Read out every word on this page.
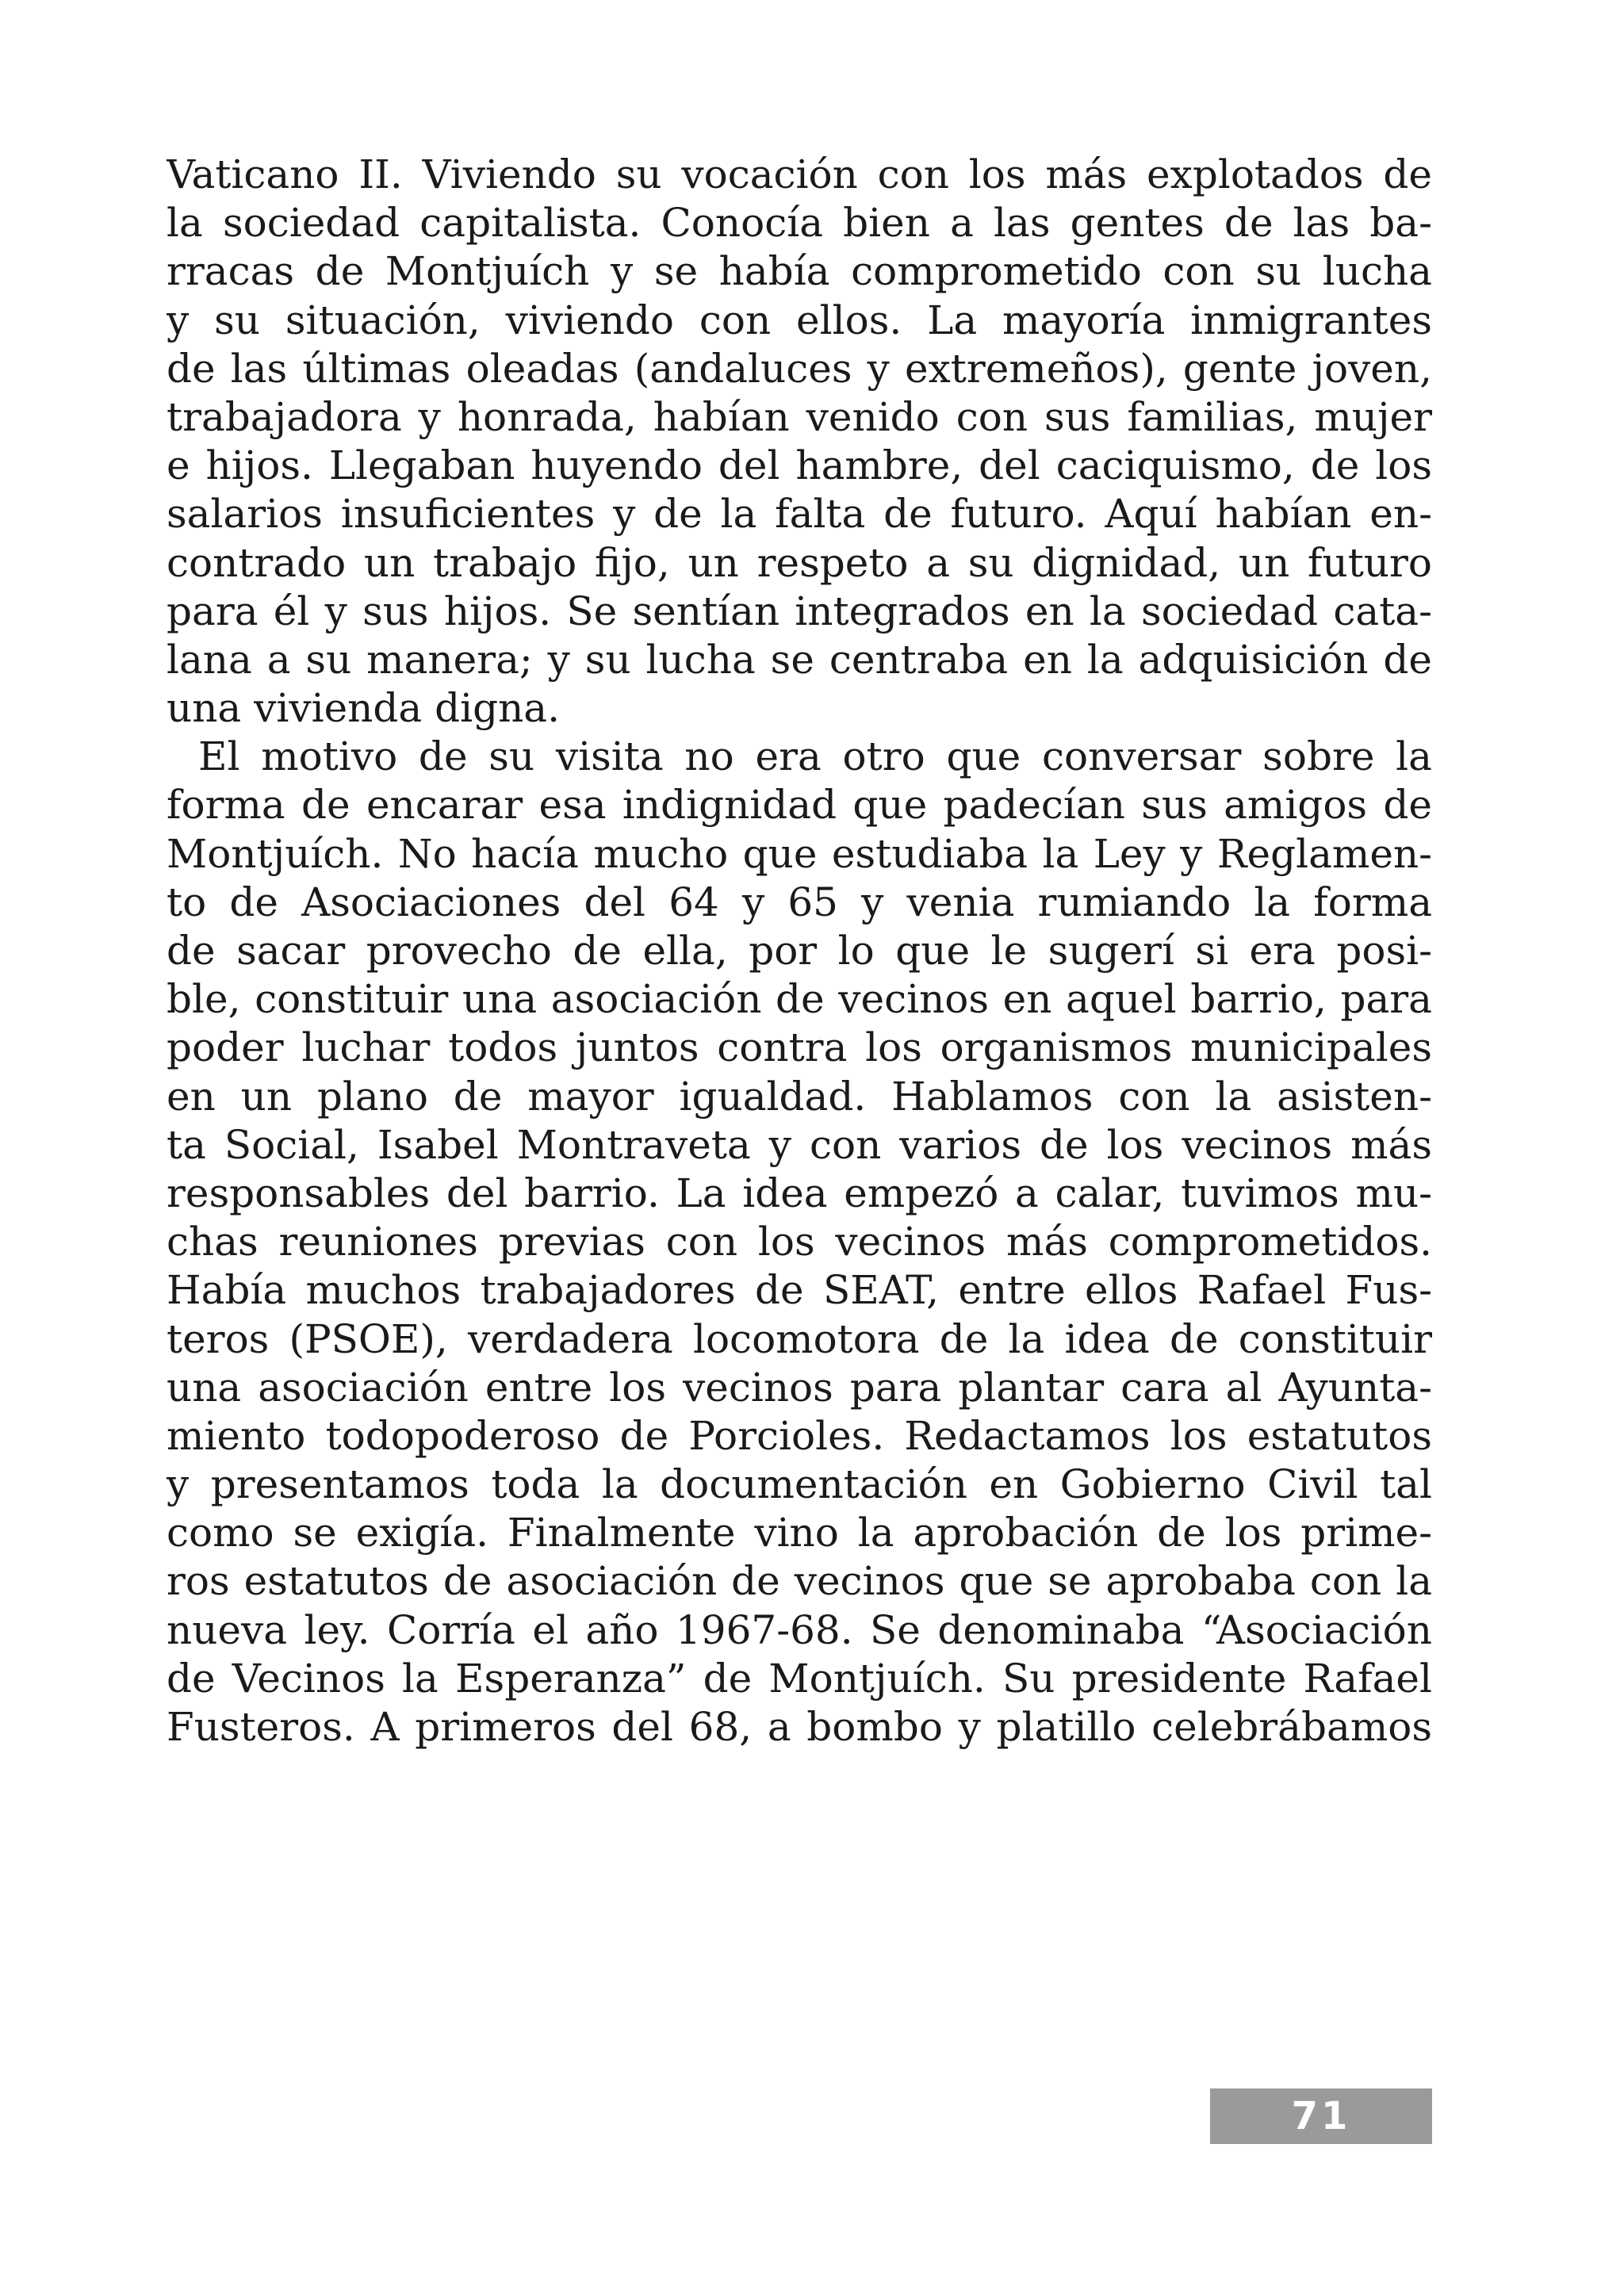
Vaticano II. Viviendo su vocación con los más explotados de
la sociedad capitalista. Conocía bien a las gentes de las ba-
rracas de Montjuích y se había comprometido con su lucha
y su situación, viviendo con ellos. La mayoría inmigrantes
de las últimas oleadas (andaluces y extremeños), gente joven,
trabajadora y honrada, habían venido con sus familias, mujer
e hijos. Llegaban huyendo del hambre, del caciquismo, de los
salarios insuficientes y de la falta de futuro. Aquí habían en-
contrado un trabajo fijo, un respeto a su dignidad, un futuro
para él y sus hijos. Se sentían integrados en la sociedad cata-
lana a su manera; y su lucha se centraba en la adquisición de
una vivienda digna.
El motivo de su visita no era otro que conversar sobre la
forma de encarar esa indignidad que padecían sus amigos de
Montjuích. No hacía mucho que estudiaba la Ley y Reglamen-
to de Asociaciones del 64 y 65 y venia rumiando la forma
de sacar provecho de ella, por lo que le sugerí si era posi-
ble, constituir una asociación de vecinos en aquel barrio, para
poder luchar todos juntos contra los organismos municipales
en un plano de mayor igualdad. Hablamos con la asisten-
ta Social, Isabel Montraveta y con varios de los vecinos más
responsables del barrio. La idea empezó a calar, tuvimos mu-
chas reuniones previas con los vecinos más comprometidos.
Había muchos trabajadores de SEAT, entre ellos Rafael Fus-
teros (PSOE), verdadera locomotora de la idea de constituir
una asociación entre los vecinos para plantar cara al Ayunta-
miento todopoderoso de Porcioles. Redactamos los estatutos
y presentamos toda la documentación en Gobierno Civil tal
como se exigía. Finalmente vino la aprobación de los prime-
ros estatutos de asociación de vecinos que se aprobaba con la
nueva ley. Corría el año 1967-68. Se denominaba “Asociación
de Vecinos la Esperanza” de Montjuích. Su presidente Rafael
Fusteros. A primeros del 68, a bombo y platillo celebrábamos
71
